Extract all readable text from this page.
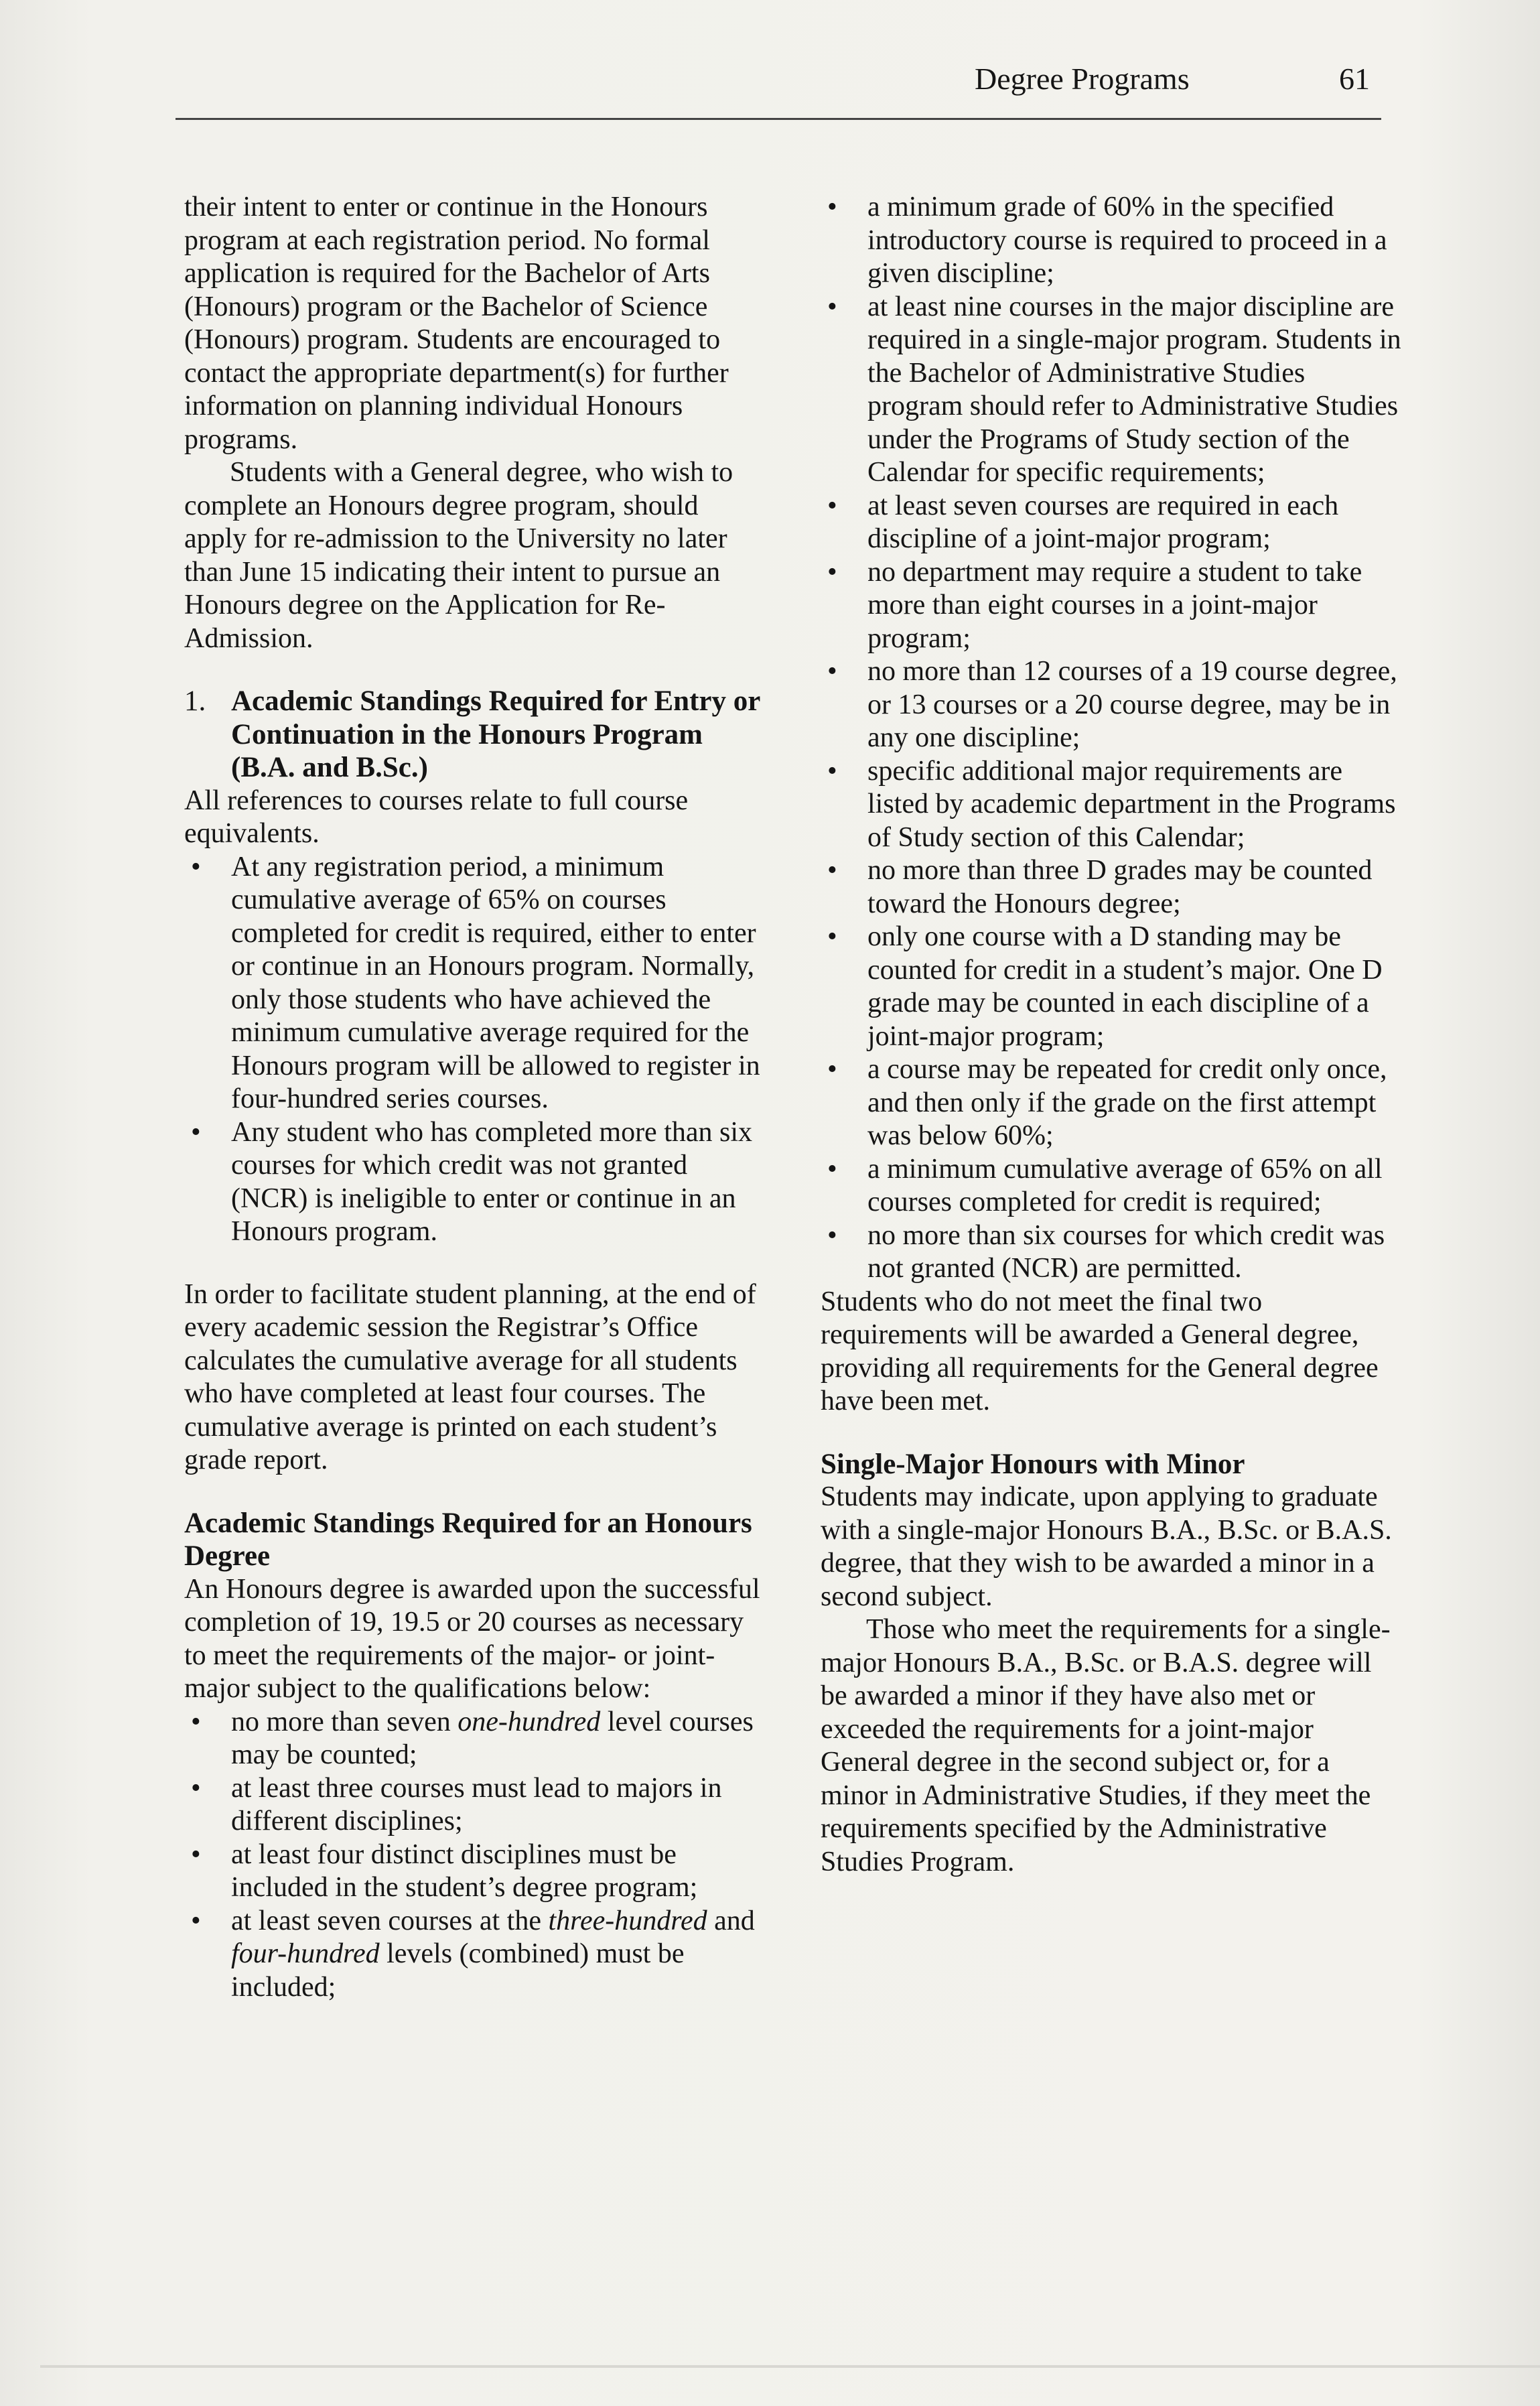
Degree Programs	61

their intent to enter or continue in the Honours program at each registration period. No formal application is required for the Bachelor of Arts (Honours) program or the Bachelor of Science (Honours) program. Students are encouraged to contact the appropriate department(s) for further information on planning individual Honours programs.

Students with a General degree, who wish to complete an Honours degree program, should apply for re-admission to the University no later than June 15 indicating their intent to pursue an Honours degree on the Application for Re-Admission.

1. Academic Standings Required for Entry or Continuation in the Honours Program (B.A. and B.Sc.)

All references to courses relate to full course equivalents.

•	At any registration period, a minimum cumulative average of 65% on courses completed for credit is required, either to enter or continue in an Honours program. Normally, only those students who have achieved the minimum cumulative average required for the Honours program will be allowed to register in four-hundred series courses.
•	Any student who has completed more than six courses for which credit was not granted (NCR) is ineligible to enter or continue in an Honours program.

In order to facilitate student planning, at the end of every academic session the Registrar’s Office calculates the cumulative average for all students who have completed at least four courses. The cumulative average is printed on each student’s grade report.

Academic Standings Required for an Honours Degree

An Honours degree is awarded upon the successful completion of 19, 19.5 or 20 courses as necessary to meet the requirements of the major- or joint-major subject to the qualifications below:

•	no more than seven one-hundred level courses may be counted;
•	at least three courses must lead to majors in different disciplines;
•	at least four distinct disciplines must be included in the student’s degree program;
•	at least seven courses at the three-hundred and four-hundred levels (combined) must be included;
•	a minimum grade of 60% in the specified introductory course is required to proceed in a given discipline;
•	at least nine courses in the major discipline are required in a single-major program. Students in the Bachelor of Administrative Studies program should refer to Administrative Studies under the Programs of Study section of the Calendar for specific requirements;
•	at least seven courses are required in each discipline of a joint-major program;
•	no department may require a student to take more than eight courses in a joint-major program;
•	no more than 12 courses of a 19 course degree, or 13 courses or a 20 course degree, may be in any one discipline;
•	specific additional major requirements are listed by academic department in the Programs of Study section of this Calendar;
•	no more than three D grades may be counted toward the Honours degree;
•	only one course with a D standing may be counted for credit in a student’s major. One D grade may be counted in each discipline of a joint-major program;
•	a course may be repeated for credit only once, and then only if the grade on the first attempt was below 60%;
•	a minimum cumulative average of 65% on all courses completed for credit is required;
•	no more than six courses for which credit was not granted (NCR) are permitted.

Students who do not meet the final two requirements will be awarded a General degree, providing all requirements for the General degree have been met.

Single-Major Honours with Minor

Students may indicate, upon applying to graduate with a single-major Honours B.A., B.Sc. or B.A.S. degree, that they wish to be awarded a minor in a second subject.

Those who meet the requirements for a single-major Honours B.A., B.Sc. or B.A.S. degree will be awarded a minor if they have also met or exceeded the requirements for a joint-major General degree in the second subject or, for a minor in Administrative Studies, if they meet the requirements specified by the Administrative Studies Program.
